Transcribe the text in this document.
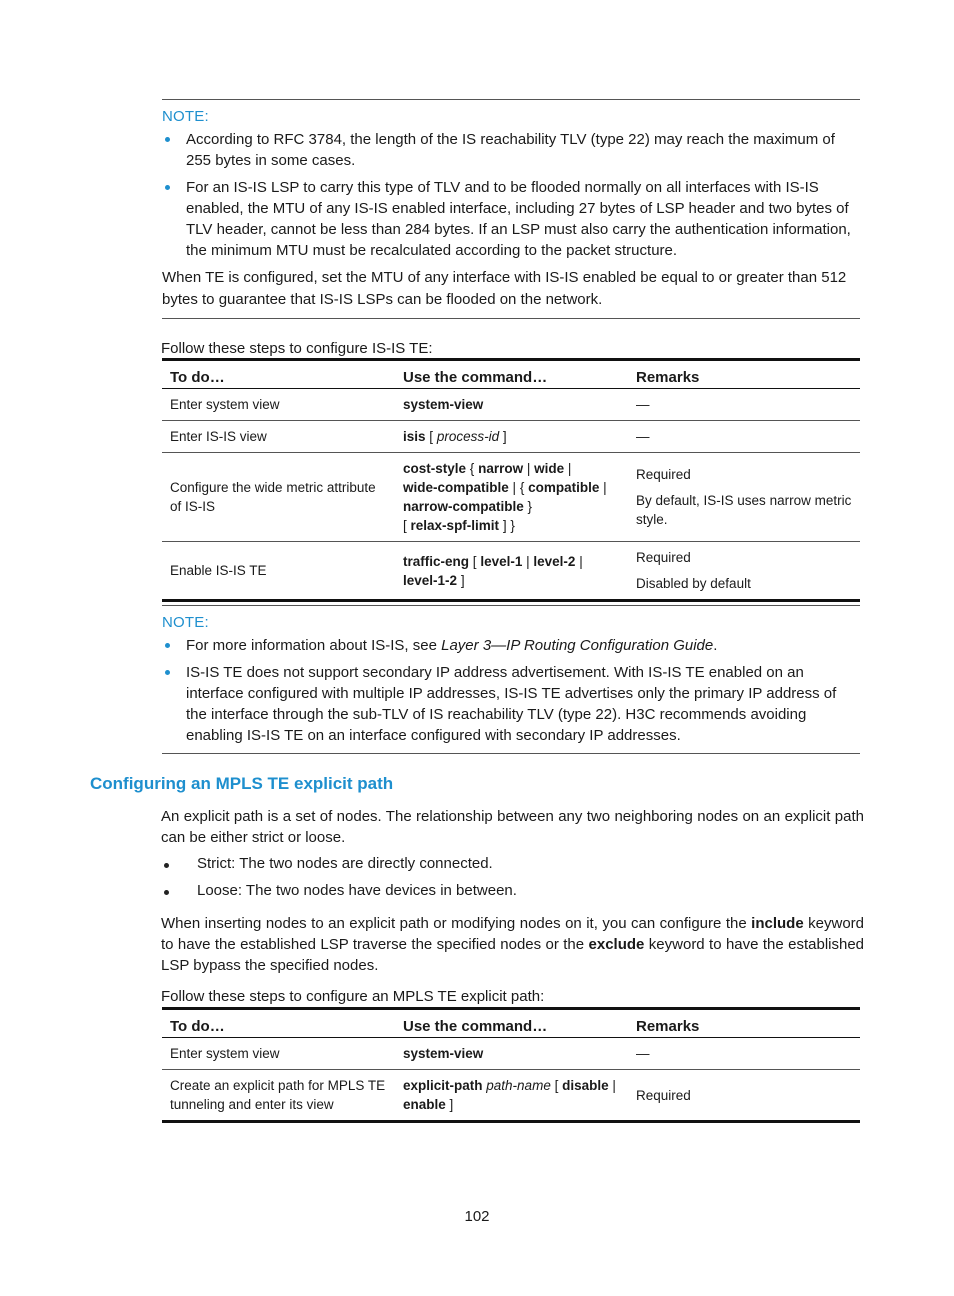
NOTE:
According to RFC 3784, the length of the IS reachability TLV (type 22) may reach the maximum of 255 bytes in some cases.
For an IS-IS LSP to carry this type of TLV and to be flooded normally on all interfaces with IS-IS enabled, the MTU of any IS-IS enabled interface, including 27 bytes of LSP header and two bytes of TLV header, cannot be less than 284 bytes. If an LSP must also carry the authentication information, the minimum MTU must be recalculated according to the packet structure.

When TE is configured, set the MTU of any interface with IS-IS enabled be equal to or greater than 512 bytes to guarantee that IS-IS LSPs can be flooded on the network.

Follow these steps to configure IS-IS TE:
To do…	Use the command…	Remarks
Enter system view	system-view	—
Enter IS-IS view	isis [ process-id ]	—
Configure the wide metric attribute of IS-IS	cost-style { narrow | wide |
wide-compatible | { compatible |
narrow-compatible }
[ relax-spf-limit ] }	Required
By default, IS-IS uses narrow metric style.

Enable IS-IS TE	traffic-eng [ level-1 | level-2 |
level-1-2 ]	Required
Disabled by default
NOTE:
For more information about IS-IS, see Layer 3—IP Routing Configuration Guide.
IS-IS TE does not support secondary IP address advertisement. With IS-IS TE enabled on an interface configured with multiple IP addresses, IS-IS TE advertises only the primary IP address of the interface through the sub-TLV of IS reachability TLV (type 22). H3C recommends avoiding enabling IS-IS TE on an interface configured with secondary IP addresses.
Configuring an MPLS TE explicit path
An explicit path is a set of nodes. The relationship between any two neighboring nodes on an explicit path can be either strict or loose.
Strict: The two nodes are directly connected.
Loose: The two nodes have devices in between.
When inserting nodes to an explicit path or modifying nodes on it, you can configure the include keyword to have the established LSP traverse the specified nodes or the exclude keyword to have the established LSP bypass the specified nodes.
Follow these steps to configure an MPLS TE explicit path:
To do…	Use the command…	Remarks
Enter system view	system-view	—
Create an explicit path for MPLS TE tunneling and enter its view	explicit-path path-name [ disable |
enable ]	Required
102
